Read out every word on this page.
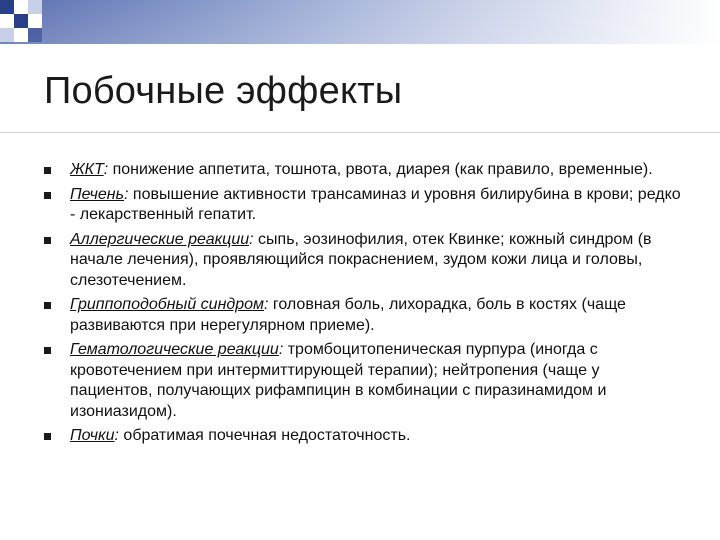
Побочные эффекты
ЖКТ: понижение аппетита, тошнота, рвота, диарея (как правило, временные).
Печень: повышение активности трансаминаз и уровня билирубина в крови; редко - лекарственный гепатит.
Аллергические реакции: сыпь, эозинофилия, отек Квинке; кожный синдром (в начале лечения), проявляющийся покраснением, зудом кожи лица и головы, слезотечением.
Гриппоподобный синдром: головная боль, лихорадка, боль в костях (чаще развиваются при нерегулярном приеме).
Гематологические реакции: тромбоцитопеническая пурпура (иногда с кровотечением при интермиттирующей терапии); нейтропения (чаще у пациентов, получающих рифампицин в комбинации с пиразинамидом и изониазидом).
Почки: обратимая почечная недостаточность.
